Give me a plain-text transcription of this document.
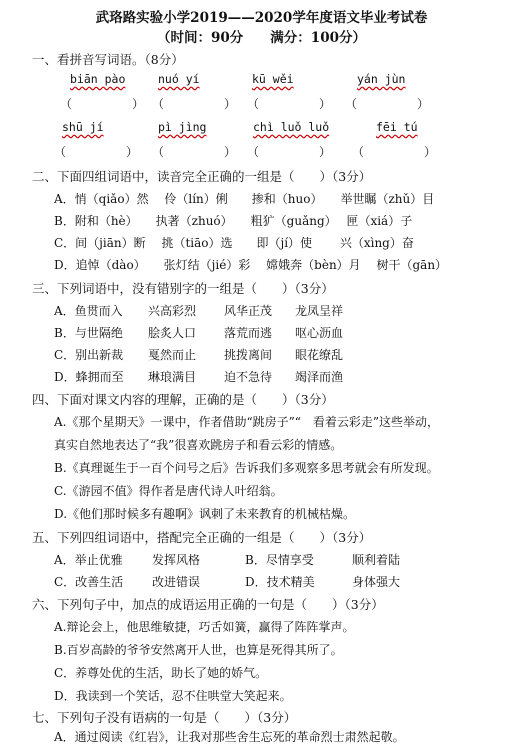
武珞路实验小学2019——2020学年度语文毕业考试卷
（时间：90分　　满分：100分）
一、看拼音写词语。（8分）
biān pào	nuó yí	kū wěi	yán jùn
（　　　　　） （　　　　　） （　　　　　） （　　　　　）
shū jí	pì jìng	chì luǒ luǒ	fēi tú
（　　　　　） （　　　　　） （　　　　　） （　　　　　）
二、下面四组词语中，读音完全正确的一组是（　　）（3分）
A．悄（qiǎo）然　 伶（lín）俐　　掺和（huo）　　举世瞩（zhǔ）目
B．附和（hè）　　执著（zhuó）　　粗犷（guǎng）　 匣（xiá）子
C．间（jiān）断　 挑（tiāo）选　　即（jí）使　　 兴（xìng）奋
D．追悼（dào）　　张灯结（jié）彩　 嫦娥奔（bèn）月　 树干（gān）
三、下列词语中，没有错别字的一组是（　　）（3分）
A．鱼贯而入 兴高彩烈 风华正茂 龙凤呈祥
B．与世隔绝 脍炙人口 落荒而逃 呕心沥血
C．别出新裁 戛然而止 挑拨离间 眼花缭乱
D．蜂拥而至 琳琅满目 迫不急待 竭泽而渔
四、下面对课文内容的理解，正确的是（　　）（3分）
A.《那个星期天》一课中，作者借助“跳房子”“　看着云彩走”这些举动，
真实自然地表达了“我”很喜欢跳房子和看云彩的情感。
B.《真理诞生于一百个问号之后》告诉我们多观察多思考就会有所发现。
C.《游园不值》得作者是唐代诗人叶绍翁。
D.《他们那时候多有趣啊》讽刺了未来教育的机械枯燥。
五、下列四组词语中，搭配完全正确的一组是（　　）（3分）
A．举止优雅 发挥风格	B．尽情享受	顺利着陆
C．改善生活 改进错误	D．技术精美	身体强大
六、下列句子中，加点的成语运用正确的一句是（　　）（3分）
A.辩论会上，他思维敏捷，巧舌如簧，赢得了阵阵掌声。
B.百岁高龄的爷爷安然离开人世，也算是死得其所了。
C．养尊处优的生活，助长了她的娇气。
D．我读到一个笑话，忍不住哄堂大笑起来。
七、下列句子没有语病的一句是（　　）（3分）
A．通过阅读《红岩》，让我对那些舍生忘死的革命烈士肃然起敬。
